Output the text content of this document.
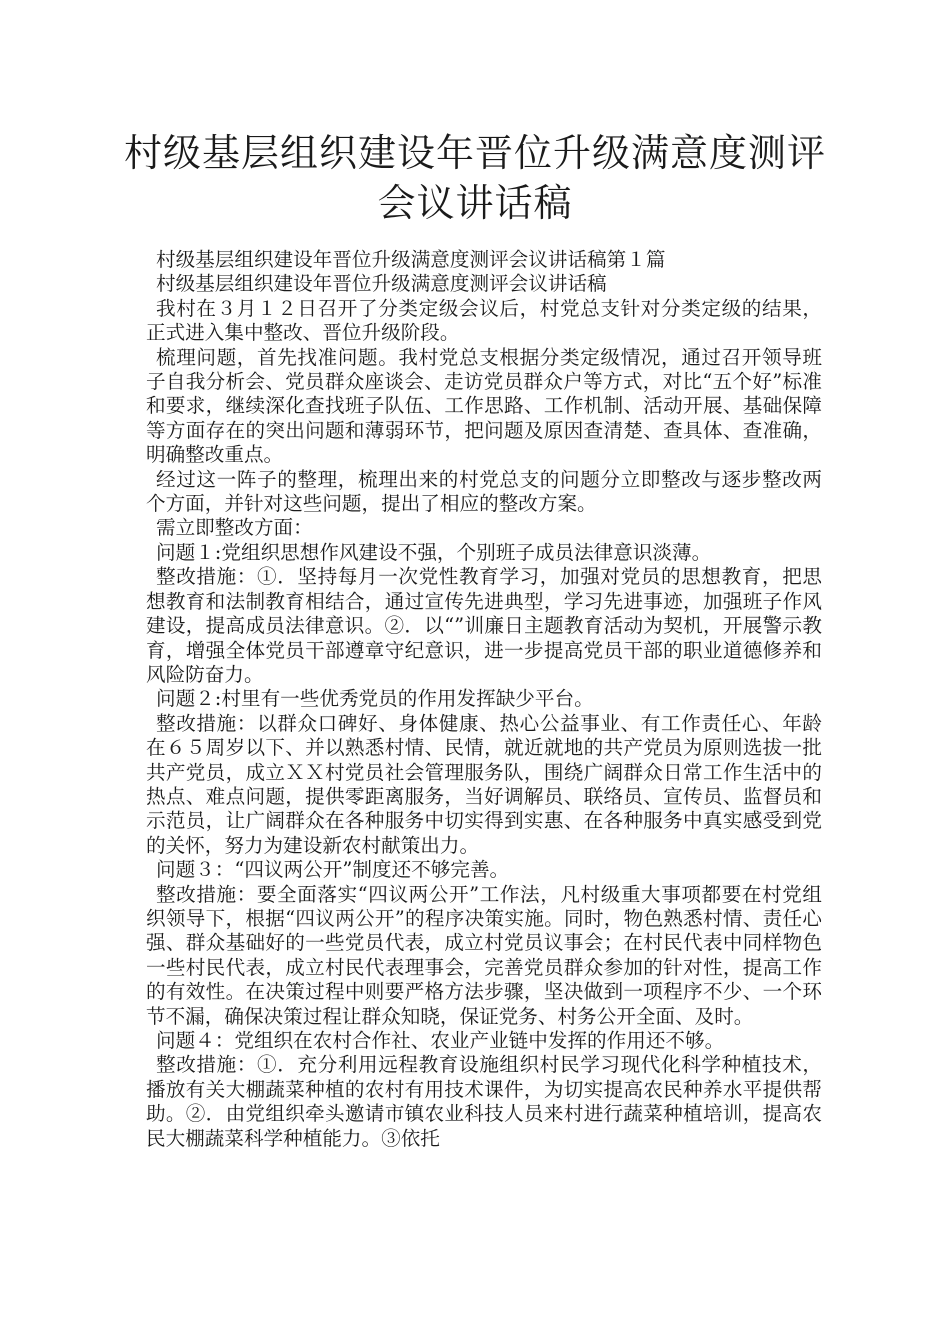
村级基层组织建设年晋位升级满意度测评
会议讲话稿

村级基层组织建设年晋位升级满意度测评会议讲话稿第１篇

村级基层组织建设年晋位升级满意度测评会议讲话稿

我村在３月１２日召开了分类定级会议后，村党总支针对分类定级的结果，正式进入集中整改、晋位升级阶段。

梳理问题，首先找准问题。我村党总支根据分类定级情况，通过召开领导班子自我分析会、党员群众座谈会、走访党员群众户等方式，对比“五个好”标准和要求，继续深化查找班子队伍、工作思路、工作机制、活动开展、基础保障等方面存在的突出问题和薄弱环节，把问题及原因查清楚、查具体、查准确，明确整改重点。

经过这一阵子的整理，梳理出来的村党总支的问题分立即整改与逐步整改两个方面，并针对这些问题，提出了相应的整改方案。

需立即整改方面：

问题１:党组织思想作风建设不强，个别班子成员法律意识淡薄。

整改措施：①．坚持每月一次党性教育学习，加强对党员的思想教育，把思想教育和法制教育相结合，通过宣传先进典型，学习先进事迹，加强班子作风建设，提高成员法律意识。②．以“”训廉日主题教育活动为契机，开展警示教育，增强全体党员干部遵章守纪意识，进一步提高党员干部的职业道德修养和风险防奋力。

问题２:村里有一些优秀党员的作用发挥缺少平台。

整改措施：以群众口碑好、身体健康、热心公益事业、有工作责任心、年龄在６５周岁以下、并以熟悉村情、民情，就近就地的共产党员为原则选拔一批共产党员，成立ＸＸ村党员社会管理服务队，围绕广阔群众日常工作生活中的热点、难点问题，提供零距离服务，当好调解员、联络员、宣传员、监督员和示范员，让广阔群众在各种服务中切实得到实惠、在各种服务中真实感受到党的关怀，努力为建设新农村献策出力。

问题３：“四议两公开”制度还不够完善。

整改措施：要全面落实“四议两公开”工作法，凡村级重大事项都要在村党组织领导下，根据“四议两公开”的程序决策实施。同时，物色熟悉村情、责任心强、群众基础好的一些党员代表，成立村党员议事会；在村民代表中同样物色一些村民代表，成立村民代表理事会，完善党员群众参加的针对性，提高工作的有效性。在决策过程中则要严格方法步骤，坚决做到一项程序不少、一个环节不漏，确保决策过程让群众知晓，保证党务、村务公开全面、及时。

问题４：党组织在农村合作社、农业产业链中发挥的作用还不够。

整改措施：①．充分利用远程教育设施组织村民学习现代化科学种植技术，播放有关大棚蔬菜种植的农村有用技术课件，为切实提高农民种养水平提供帮助。②．由党组织牵头邀请市镇农业科技人员来村进行蔬菜种植培训，提高农民大棚蔬菜科学种植能力。③依托
